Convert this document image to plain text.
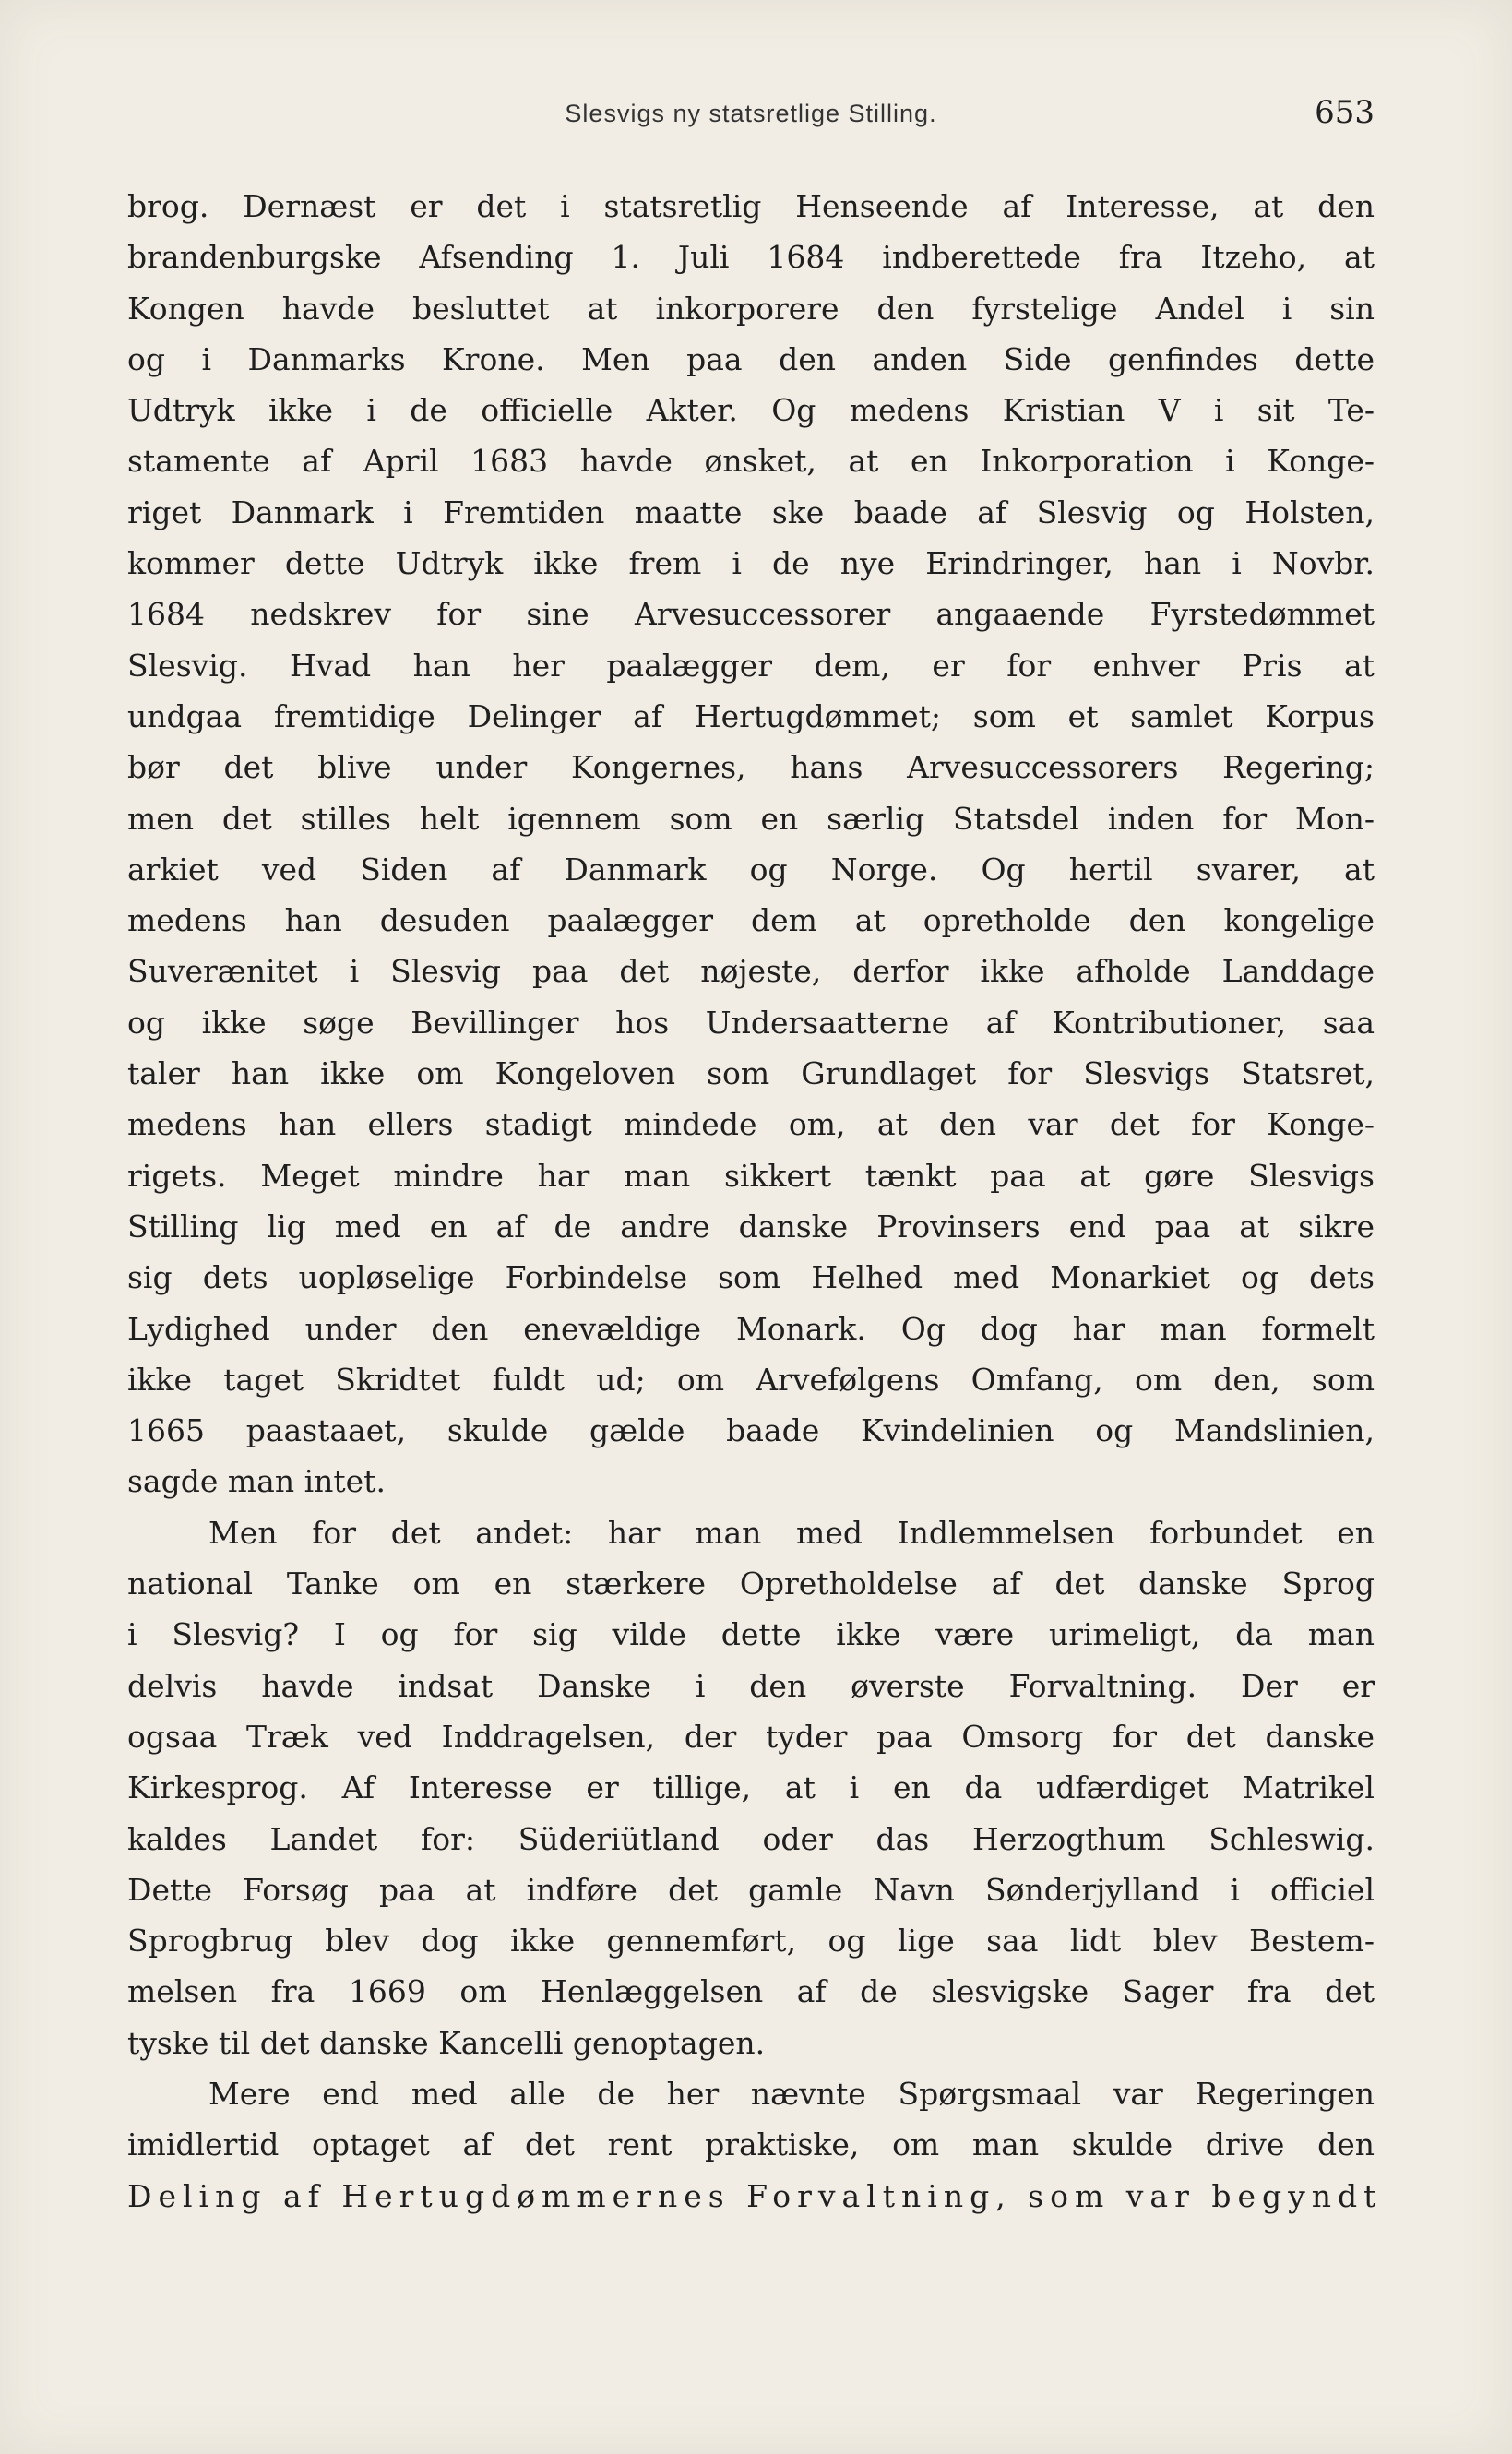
Slesvigs ny statsretlige Stilling.	653
brog. Dernæst er det i statsretlig Henseende af Interesse, at den
brandenburgske Afsending 1. Juli 1684 indberettede fra Itzeho, at
Kongen havde besluttet at inkorporere den fyrstelige Andel i sin
og i Danmarks Krone. Men paa den anden Side genfindes dette
Udtryk ikke i de officielle Akter. Og medens Kristian V i sit Te-
stamente af April 1683 havde ønsket, at en Inkorporation i Konge-
riget Danmark i Fremtiden maatte ske baade af Slesvig og Holsten,
kommer dette Udtryk ikke frem i de nye Erindringer, han i Novbr.
1684 nedskrev for sine Arvesuccessorer angaaende Fyrstedømmet
Slesvig. Hvad han her paalægger dem, er for enhver Pris at
undgaa fremtidige Delinger af Hertugdømmet; som et samlet Korpus
bør det blive under Kongernes, hans Arvesuccessorers Regering;
men det stilles helt igennem som en særlig Statsdel inden for Mon-
arkiet ved Siden af Danmark og Norge. Og hertil svarer, at
medens han desuden paalægger dem at opretholde den kongelige
Suverænitet i Slesvig paa det nøjeste, derfor ikke afholde Landdage
og ikke søge Bevillinger hos Undersaatterne af Kontributioner, saa
taler han ikke om Kongeloven som Grundlaget for Slesvigs Statsret,
medens han ellers stadigt mindede om, at den var det for Konge-
rigets. Meget mindre har man sikkert tænkt paa at gøre Slesvigs
Stilling lig med en af de andre danske Provinsers end paa at sikre
sig dets uopløselige Forbindelse som Helhed med Monarkiet og dets
Lydighed under den enevældige Monark. Og dog har man formelt
ikke taget Skridtet fuldt ud; om Arvefølgens Omfang, om den, som
1665 paastaaet, skulde gælde baade Kvindelinien og Mandslinien,
sagde man intet.
Men for det andet: har man med Indlemmelsen forbundet en
national Tanke om en stærkere Opretholdelse af det danske Sprog
i Slesvig? I og for sig vilde dette ikke være urimeligt, da man
delvis havde indsat Danske i den øverste Forvaltning. Der er
ogsaa Træk ved Inddragelsen, der tyder paa Omsorg for det danske
Kirkesprog. Af Interesse er tillige, at i en da udfærdiget Matrikel
kaldes Landet for: Süderiütland oder das Herzogthum Schleswig.
Dette Forsøg paa at indføre det gamle Navn Sønderjylland i officiel
Sprogbrug blev dog ikke gennemført, og lige saa lidt blev Bestem-
melsen fra 1669 om Henlæggelsen af de slesvigske Sager fra det
tyske til det danske Kancelli genoptagen.
Mere end med alle de her nævnte Spørgsmaal var Regeringen
imidlertid optaget af det rent praktiske, om man skulde drive den
Deling af Hertugdømmernes Forvaltning, som var begyndt
